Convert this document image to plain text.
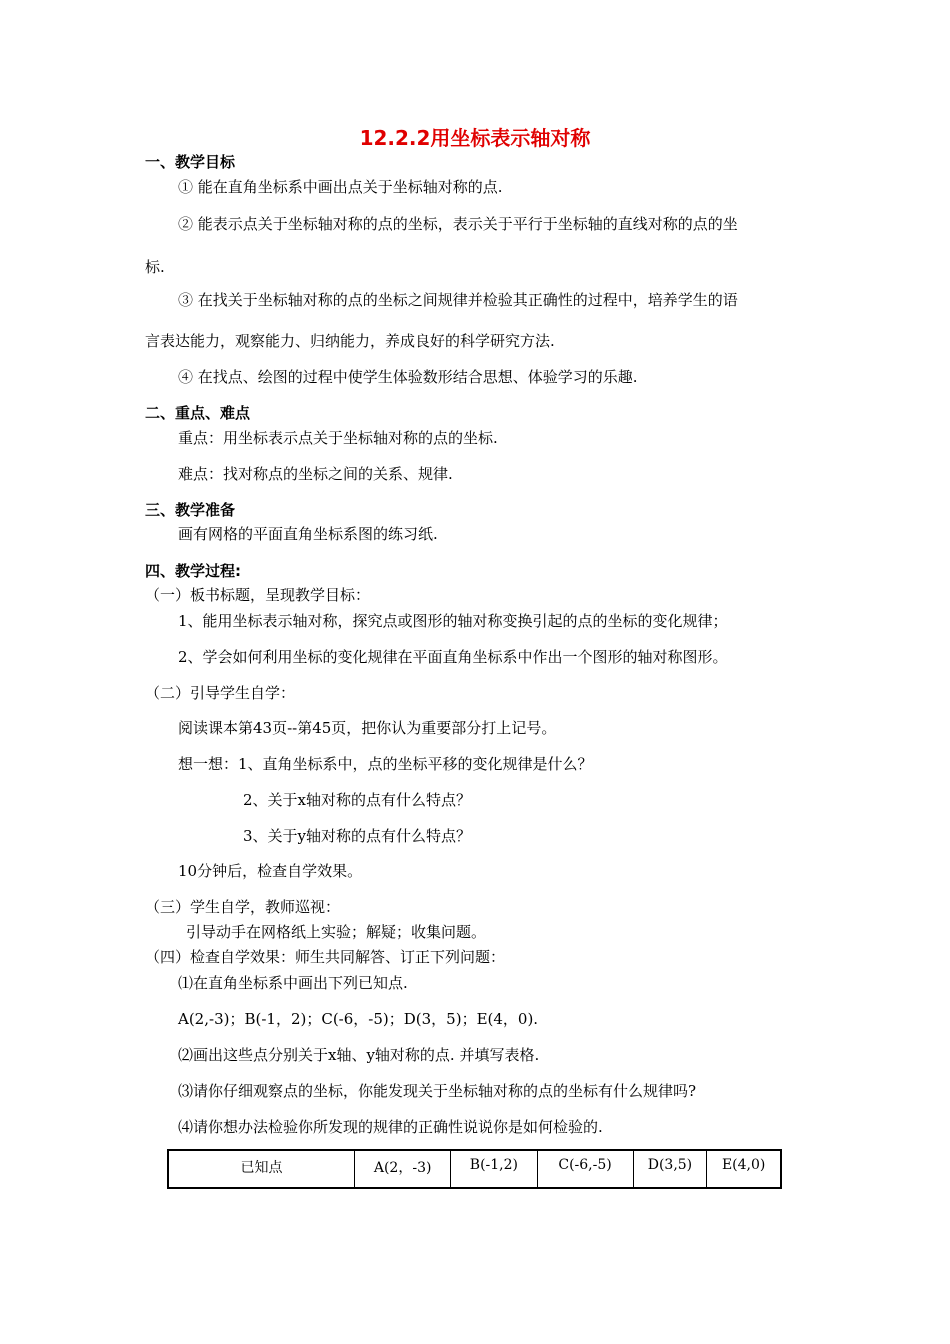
12.2.2用坐标表示轴对称
一、教学目标
① 能在直角坐标系中画出点关于坐标轴对称的点.
② 能表示点关于坐标轴对称的点的坐标，表示关于平行于坐标轴的直线对称的点的坐
标.
③ 在找关于坐标轴对称的点的坐标之间规律并检验其正确性的过程中，培养学生的语
言表达能力，观察能力、归纳能力，养成良好的科学研究方法.
④ 在找点、绘图的过程中使学生体验数形结合思想、体验学习的乐趣.
二、重点、难点
重点：用坐标表示点关于坐标轴对称的点的坐标.
难点：找对称点的坐标之间的关系、规律.
三、教学准备
画有网格的平面直角坐标系图的练习纸.
四、教学过程:
（一）板书标题，呈现教学目标：
1、能用坐标表示轴对称，探究点或图形的轴对称变换引起的点的坐标的变化规律；
2、学会如何利用坐标的变化规律在平面直角坐标系中作出一个图形的轴对称图形。
（二）引导学生自学：
阅读课本第43页--第45页，把你认为重要部分打上记号。
想一想：1、直角坐标系中，点的坐标平移的变化规律是什么？
2、关于x轴对称的点有什么特点？
3、关于y轴对称的点有什么特点？
10分钟后，检查自学效果。
（三）学生自学，教师巡视：
引导动手在网格纸上实验；解疑；收集问题。
（四）检查自学效果：师生共同解答、订正下列问题：
⑴在直角坐标系中画出下列已知点.
A(2,-3)；B(-1，2)；C(-6，-5)；D(3，5)；E(4，0).
⑵画出这些点分别关于x轴、y轴对称的点. 并填写表格.
⑶请你仔细观察点的坐标，你能发现关于坐标轴对称的点的坐标有什么规律吗?
⑷请你想办法检验你所发现的规律的正确性说说你是如何检验的.
已知点	A(2，-3)	B(-1,2)	C(-6,-5)	D(3,5)	E(4,0)
